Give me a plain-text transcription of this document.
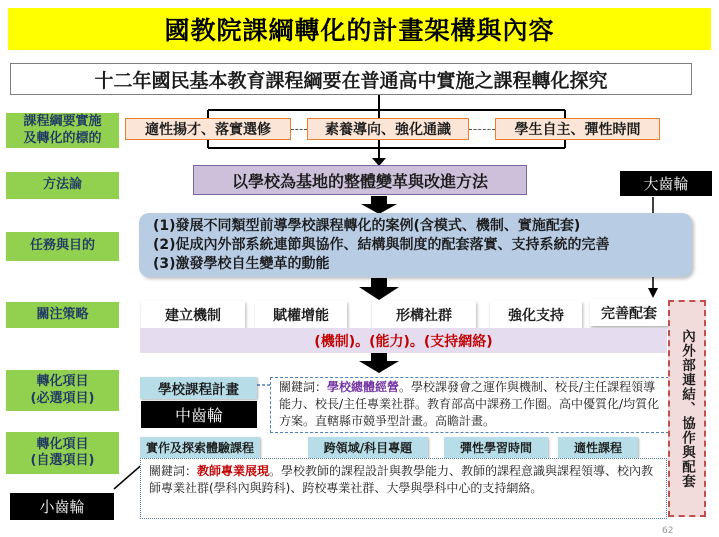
國教院課綱轉化的計畫架構與內容
十二年國民基本教育課程綱要在普通高中實施之課程轉化探究
課程綱要實施及轉化的標的
方法論
任務與目的
關注策略
轉化項目
(必選項目)
轉化項目
(自選項目)
適性揚才、落實選修	素養導向、強化通識	學生自主、彈性時間
以學校為基地的整體變革與改進方法	大齒輪
(1)發展不同類型前導學校課程轉化的案例(含模式、機制、實施配套)
(2)促成內外部系統連節與協作、結構與制度的配套落實、支持系統的完善
(3)激發學校自生變革的動能
建立機制	賦權增能	形構社群	強化支持	完善配套
(機制)。(能力)。(支持網絡)
學校課程計畫
中齒輪
關鍵詞：學校總體經營。學校課發會之運作與機制、校長/主任課程領導能力、校長/主任專業社群。教育部高中課務工作圈。高中優質化/均質化方案。直轄縣市競爭型計畫。高瞻計畫。
實作及探索體驗課程	跨領域/科目專題	彈性學習時間	適性課程
關鍵詞：教師專業展現。學校教師的課程設計與教學能力、教師的課程意識與課程領導、校內教師專業社群(學科內與跨科)、跨校專業社群、大學與學科中心的支持網絡。
小齒輪
內外部連結、協作與配套
62
